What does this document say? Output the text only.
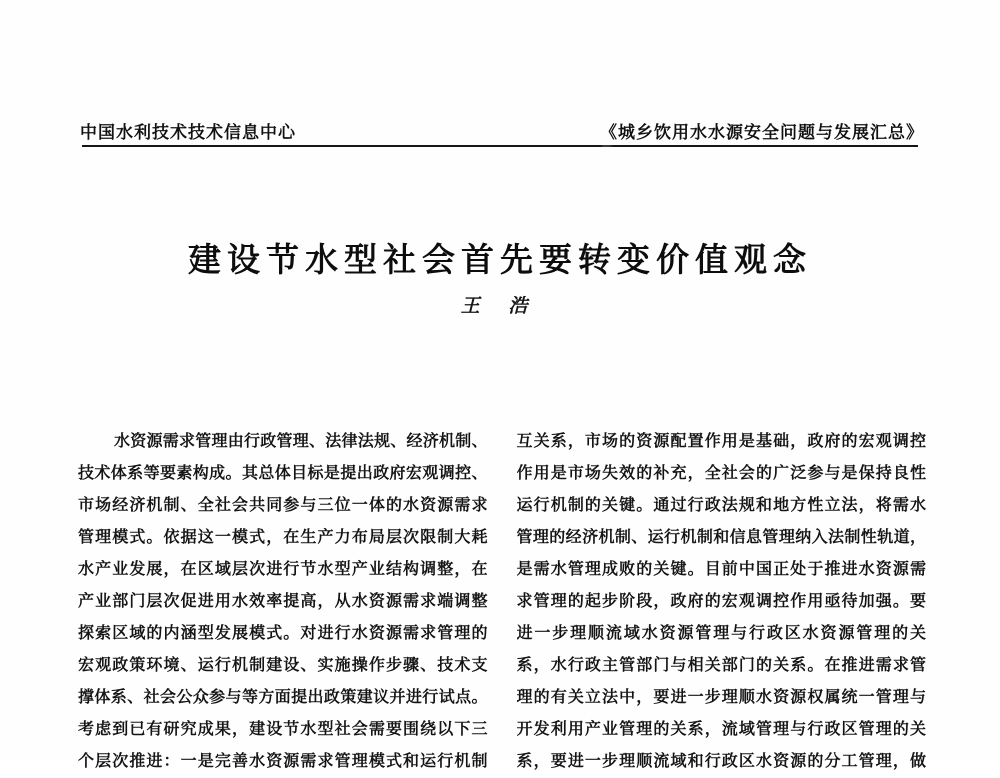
中国水利技术技术信息中心	《城乡饮用水水源安全问题与发展汇总》
建设节水型社会首先要转变价值观念
王 浩
水资源需求管理由行政管理、法律法规、经济机制、
技术体系等要素构成。其总体目标是提出政府宏观调控、
市场经济机制、全社会共同参与三位一体的水资源需求
管理模式。依据这一模式，在生产力布局层次限制大耗
水产业发展，在区域层次进行节水型产业结构调整，在
产业部门层次促进用水效率提高，从水资源需求端调整
探索区域的内涵型发展模式。对进行水资源需求管理的
宏观政策环境、运行机制建设、实施操作步骤、技术支
撑体系、社会公众参与等方面提出政策建议并进行试点。
考虑到已有研究成果，建设节水型社会需要围绕以下三
个层次推进：一是完善水资源需求管理模式和运行机制
互关系，市场的资源配置作用是基础，政府的宏观调控
作用是市场失效的补充，全社会的广泛参与是保持良性
运行机制的关键。通过行政法规和地方性立法，将需水
管理的经济机制、运行机制和信息管理纳入法制性轨道，
是需水管理成败的关键。目前中国正处于推进水资源需
求管理的起步阶段，政府的宏观调控作用亟待加强。要
进一步理顺流域水资源管理与行政区水资源管理的关
系，水行政主管部门与相关部门的关系。在推进需求管
理的有关立法中，要进一步理顺水资源权属统一管理与
开发利用产业管理的关系，流域管理与行政区管理的关
系，要进一步理顺流域和行政区水资源的分工管理，做
